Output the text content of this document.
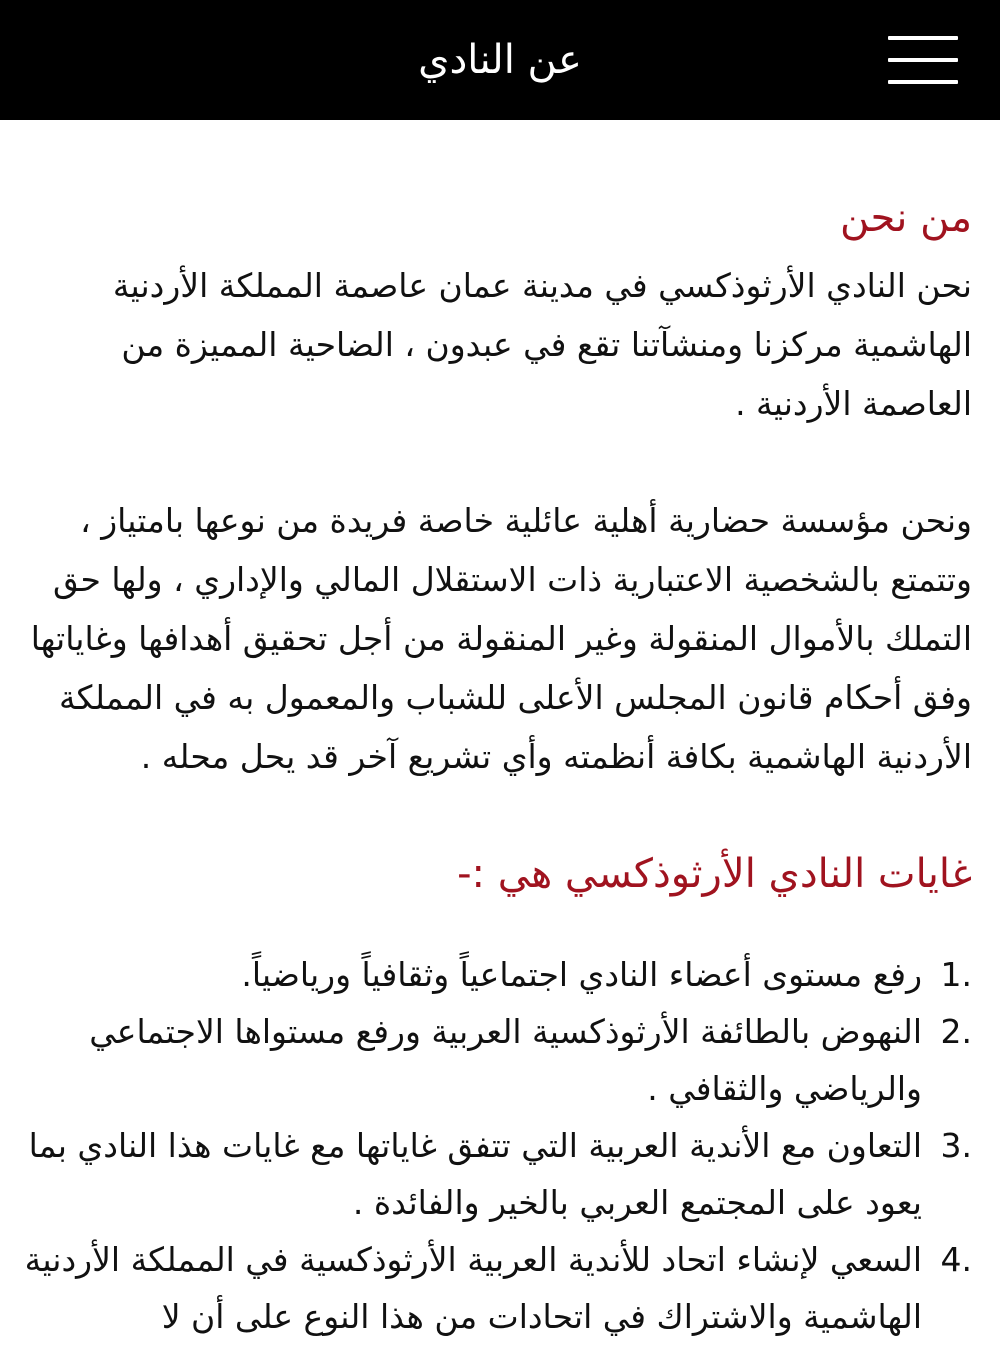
عن النادي
من نحن

نحن النادي الأرثوذكسي في مدينة عمان عاصمة المملكة الأردنية الهاشمية مركزنا ومنشآتنا تقع في عبدون ، الضاحية المميزة من العاصمة الأردنية .

ونحن مؤسسة حضارية أهلية عائلية خاصة فريدة من نوعها بامتياز ، وتتمتع بالشخصية الاعتبارية ذات الاستقلال المالي والإداري ، ولها حق التملك بالأموال المنقولة وغير المنقولة من أجل تحقيق أهدافها وغاياتها وفق أحكام قانون المجلس الأعلى للشباب والمعمول به في المملكة الأردنية الهاشمية بكافة أنظمته وأي تشريع آخر قد يحل محله .

غايات النادي الأرثوذكسي هي :-
1.
رفع مستوى أعضاء النادي اجتماعياً وثقافياً ورياضياً.
2.
النهوض بالطائفة الأرثوذكسية العربية ورفع مستواها الاجتماعي والرياضي والثقافي .
3.
التعاون مع الأندية العربية التي تتفق غاياتها مع غايات هذا النادي بما يعود على المجتمع العربي بالخير والفائدة .
4.
السعي لإنشاء اتحاد للأندية العربية الأرثوذكسية في المملكة الأردنية الهاشمية والاشتراك في اتحادات من هذا النوع على أن لا
